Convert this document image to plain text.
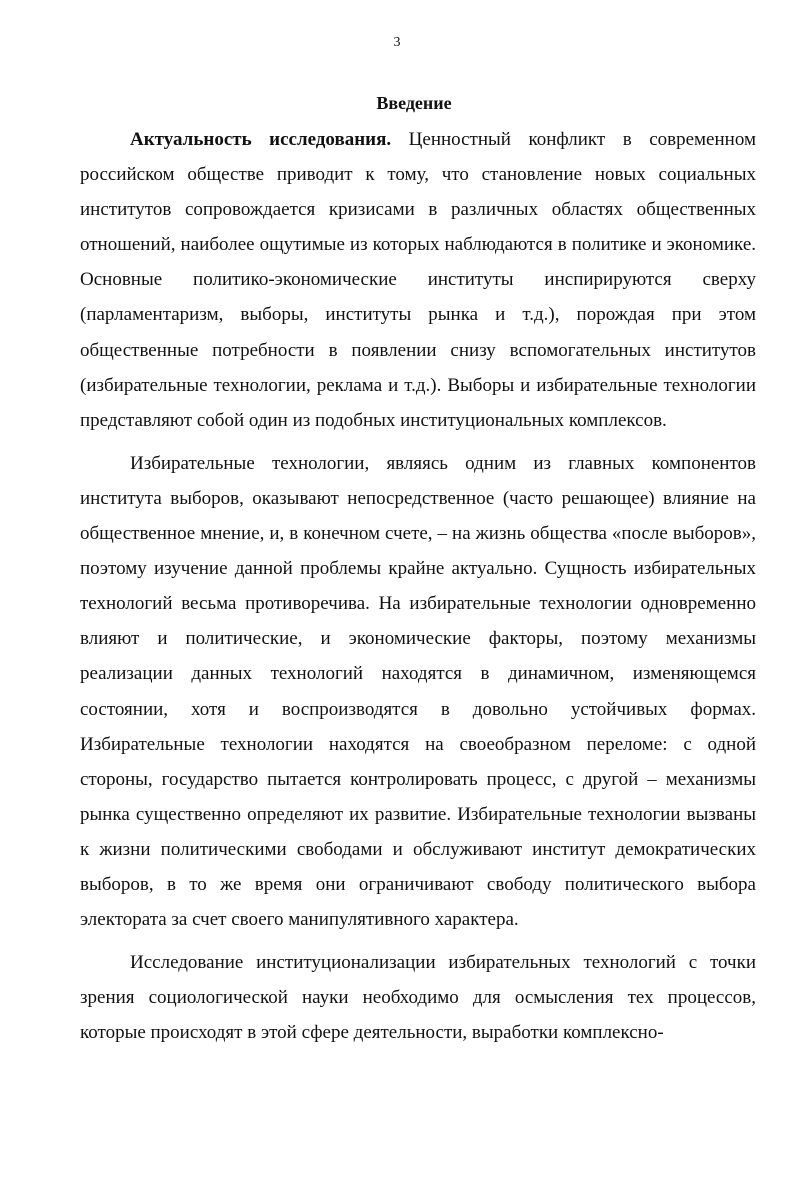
3
Введение

Актуальность исследования. Ценностный конфликт в современном российском обществе приводит к тому, что становление новых социальных институтов сопровождается кризисами в различных областях общественных отношений, наиболее ощутимые из которых наблюдаются в политике и экономике. Основные политико-экономические институты инспирируются сверху (парламентаризм, выборы, институты рынка и т.д.), порождая при этом общественные потребности в появлении снизу вспомогательных институтов (избирательные технологии, реклама и т.д.). Выборы и избирательные технологии представляют собой один из подобных институциональных комплексов.

Избирательные технологии, являясь одним из главных компонентов института выборов, оказывают непосредственное (часто решающее) влияние на общественное мнение, и, в конечном счете, – на жизнь общества «после выборов», поэтому изучение данной проблемы крайне актуально. Сущность избирательных технологий весьма противоречива. На избирательные технологии одновременно влияют и политические, и экономические факторы, поэтому механизмы реализации данных технологий находятся в динамичном, изменяющемся состоянии, хотя и воспроизводятся в довольно устойчивых формах. Избирательные технологии находятся на своеобразном переломе: с одной стороны, государство пытается контролировать процесс, с другой – механизмы рынка существенно определяют их развитие. Избирательные технологии вызваны к жизни политическими свободами и обслуживают институт демократических выборов, в то же время они ограничивают свободу политического выбора электората за счет своего манипулятивного характера.

Исследование институционализации избирательных технологий с точки зрения социологической науки необходимо для осмысления тех процессов, которые происходят в этой сфере деятельности, выработки комплексно-
